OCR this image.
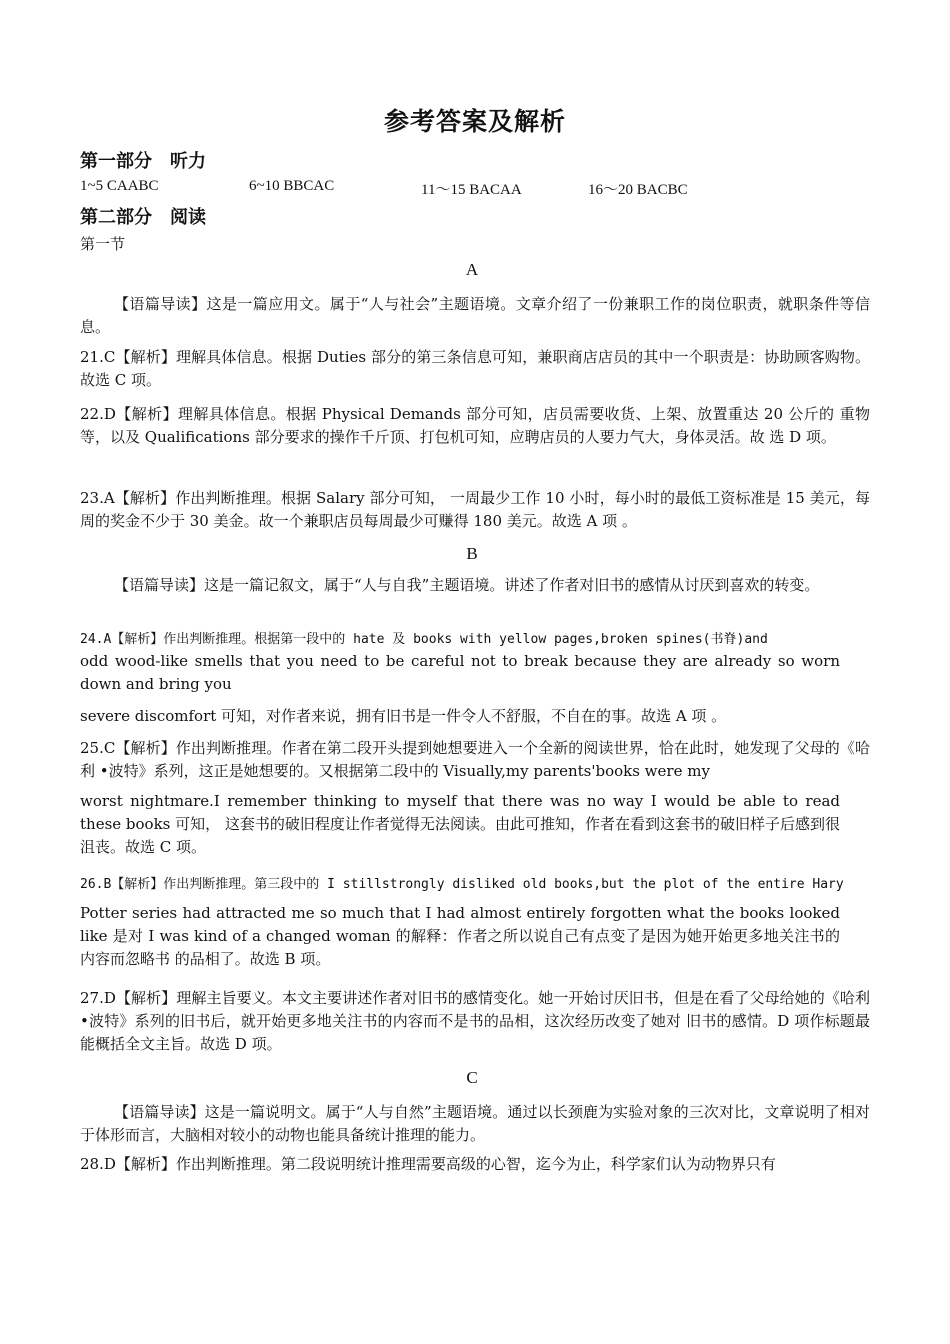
参考答案及解析
第一部分　听力
1~5 CAABC	6~10 BBCAC	11～15 BACAA	16～20 BACBC
第二部分　阅读
第一节
A
【语篇导读】这是一篇应用文。属于“人与社会”主题语境。文章介绍了一份兼职工作的岗位职责，就职条件等信息。
21.C【解析】理解具体信息。根据 Duties 部分的第三条信息可知，兼职商店店员的其中一个职责是：协助顾客购物。故选 C 项。
22.D【解析】理解具体信息。根据 Physical Demands 部分可知，店员需要收货、上架、放置重达 20 公斤的 重物等，以及 Qualifications 部分要求的操作千斤顶、打包机可知，应聘店员的人要力气大，身体灵活。故 选 D 项。
23.A【解析】作出判断推理。根据 Salary 部分可知， 一周最少工作 10 小时，每小时的最低工资标准是 15 美元，每周的奖金不少于 30 美金。故一个兼职店员每周最少可赚得 180 美元。故选 A 项 。
B
【语篇导读】这是一篇记叙文，属于“人与自我”主题语境。讲述了作者对旧书的感情从讨厌到喜欢的转变。
24.A【解析】作出判断推理。根据第一段中的 hate 及 books with yellow pages,broken spines(书脊)and
odd wood-like smells that you need to be careful not to break because they are already so worn down and bring you
severe discomfort 可知，对作者来说，拥有旧书是一件令人不舒服，不自在的事。故选 A 项 。
25.C【解析】作出判断推理。作者在第二段开头提到她想要进入一个全新的阅读世界，恰在此时，她发现了父母的《哈利 •波特》系列，这正是她想要的。又根据第二段中的 Visually,my parents'books were my
worst nightmare.I remember thinking to myself that there was no way I would be able to read these books 可知， 这套书的破旧程度让作者觉得无法阅读。由此可推知，作者在看到这套书的破旧样子后感到很沮丧。故选 C 项。
26.B【解析】作出判断推理。第三段中的 I stillstrongly disliked old books,but the plot of the entire Hary
Potter series had attracted me so much that I had almost entirely forgotten what the books looked like 是对 I was kind of a changed woman 的解释：作者之所以说自己有点变了是因为她开始更多地关注书的内容而忽略书 的品相了。故选 B 项。
27.D【解析】理解主旨要义。本文主要讲述作者对旧书的感情变化。她一开始讨厌旧书，但是在看了父母给她的《哈利 •波特》系列的旧书后，就开始更多地关注书的内容而不是书的品相，这次经历改变了她对 旧书的感情。D 项作标题最能概括全文主旨。故选 D 项。
C
【语篇导读】这是一篇说明文。属于“人与自然”主题语境。通过以长颈鹿为实验对象的三次对比，文章说明了相对于体形而言，大脑相对较小的动物也能具备统计推理的能力。
28.D【解析】作出判断推理。第二段说明统计推理需要高级的心智，迄今为止，科学家们认为动物界只有
